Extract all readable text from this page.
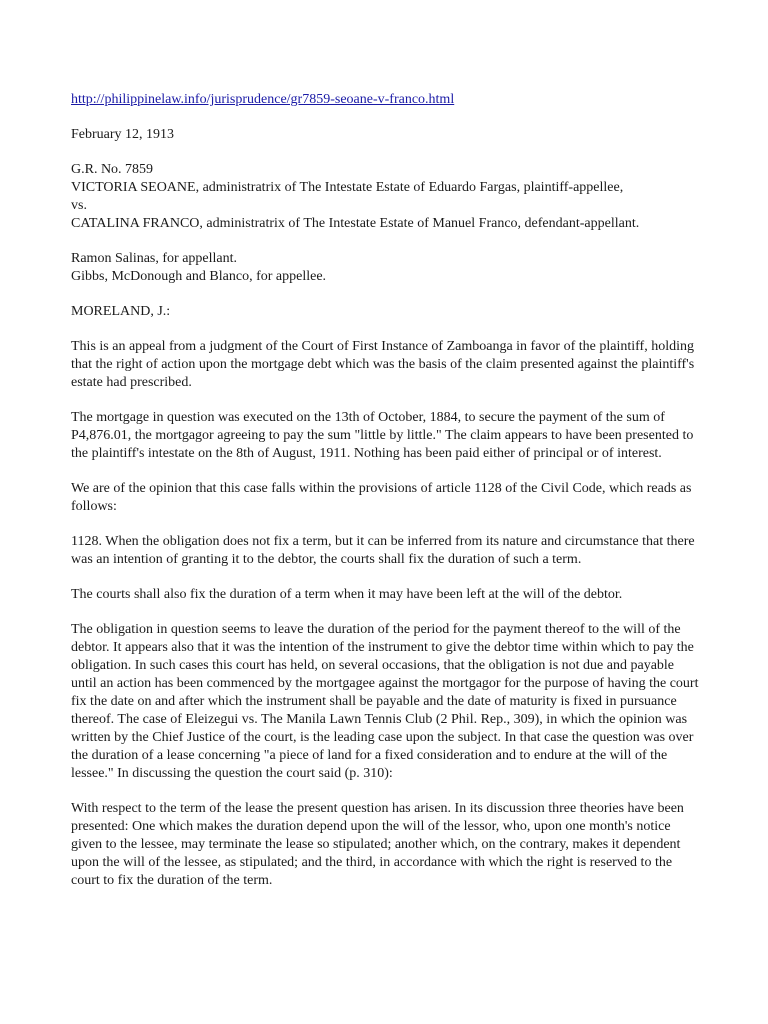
http://philippinelaw.info/jurisprudence/gr7859-seoane-v-franco.html

February 12, 1913

G.R. No. 7859
VICTORIA SEOANE, administratrix of The Intestate Estate of Eduardo Fargas, plaintiff-appellee,
vs.
CATALINA FRANCO, administratrix of The Intestate Estate of Manuel Franco, defendant-appellant.

Ramon Salinas, for appellant.
Gibbs, McDonough and Blanco, for appellee.

MORELAND, J.:

This is an appeal from a judgment of the Court of First Instance of Zamboanga in favor of the plaintiff, holding that the right of action upon the mortgage debt which was the basis of the claim presented against the plaintiff's estate had prescribed.

The mortgage in question was executed on the 13th of October, 1884, to secure the payment of the sum of P4,876.01, the mortgagor agreeing to pay the sum "little by little." The claim appears to have been presented to the plaintiff's intestate on the 8th of August, 1911. Nothing has been paid either of principal or of interest.

We are of the opinion that this case falls within the provisions of article 1128 of the Civil Code, which reads as follows:

1128. When the obligation does not fix a term, but it can be inferred from its nature and circumstance that there was an intention of granting it to the debtor, the courts shall fix the duration of such a term.

The courts shall also fix the duration of a term when it may have been left at the will of the debtor.

The obligation in question seems to leave the duration of the period for the payment thereof to the will of the debtor. It appears also that it was the intention of the instrument to give the debtor time within which to pay the obligation. In such cases this court has held, on several occasions, that the obligation is not due and payable until an action has been commenced by the mortgagee against the mortgagor for the purpose of having the court fix the date on and after which the instrument shall be payable and the date of maturity is fixed in pursuance thereof. The case of Eleizegui vs. The Manila Lawn Tennis Club (2 Phil. Rep., 309), in which the opinion was written by the Chief Justice of the court, is the leading case upon the subject. In that case the question was over the duration of a lease concerning "a piece of land for a fixed consideration and to endure at the will of the lessee." In discussing the question the court said (p. 310):

With respect to the term of the lease the present question has arisen. In its discussion three theories have been presented: One which makes the duration depend upon the will of the lessor, who, upon one month's notice given to the lessee, may terminate the lease so stipulated; another which, on the contrary, makes it dependent upon the will of the lessee, as stipulated; and the third, in accordance with which the right is reserved to the court to fix the duration of the term.
